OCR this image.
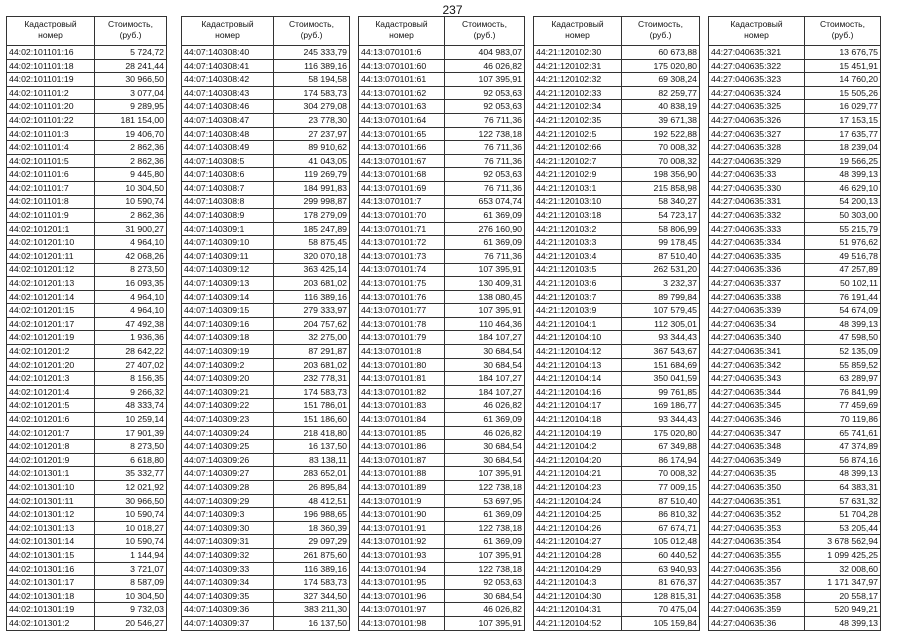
237
Кадастровый
номер	Стоимость,
(руб.)

44:02:101101:16	5 724,72
44:02:101101:18	28 241,44
44:02:101101:19	30 966,50
44:02:101101:2	3 077,04
44:02:101101:20	9 289,95
44:02:101101:22	181 154,00
44:02:101101:3	19 406,70
44:02:101101:4	2 862,36
44:02:101101:5	2 862,36
44:02:101101:6	9 445,80
44:02:101101:7	10 304,50
44:02:101101:8	10 590,74
44:02:101101:9	2 862,36
44:02:101201:1	31 900,27
44:02:101201:10	4 964,10
44:02:101201:11	42 068,26
44:02:101201:12	8 273,50
44:02:101201:13	16 093,35
44:02:101201:14	4 964,10
44:02:101201:15	4 964,10
44:02:101201:17	47 492,38
44:02:101201:19	1 936,36
44:02:101201:2	28 642,22
44:02:101201:20	27 407,02
44:02:101201:3	8 156,35
44:02:101201:4	9 266,32
44:02:101201:5	48 333,74
44:02:101201:6	10 259,14
44:02:101201:7	17 901,39
44:02:101201:8	8 273,50
44:02:101201:9	6 618,80
44:02:101301:1	35 332,77
44:02:101301:10	12 021,92
44:02:101301:11	30 966,50
44:02:101301:12	10 590,74
44:02:101301:13	10 018,27
44:02:101301:14	10 590,74
44:02:101301:15	1 144,94
44:02:101301:16	3 721,07
44:02:101301:17	8 587,09
44:02:101301:18	10 304,50
44:02:101301:19	9 732,03
44:02:101301:2	20 546,27
Кадастровый
номер	Стоимость,
(руб.)

44:07:140308:40	245 333,79
44:07:140308:41	116 389,16
44:07:140308:42	58 194,58
44:07:140308:43	174 583,73
44:07:140308:46	304 279,08
44:07:140308:47	23 778,30
44:07:140308:48	27 237,97
44:07:140308:49	89 910,62
44:07:140308:5	41 043,05
44:07:140308:6	119 269,79
44:07:140308:7	184 991,83
44:07:140308:8	299 998,87
44:07:140308:9	178 279,09
44:07:140309:1	185 247,89
44:07:140309:10	58 875,45
44:07:140309:11	320 070,18
44:07:140309:12	363 425,14
44:07:140309:13	203 681,02
44:07:140309:14	116 389,16
44:07:140309:15	279 333,97
44:07:140309:16	204 757,62
44:07:140309:18	32 275,00
44:07:140309:19	87 291,87
44:07:140309:2	203 681,02
44:07:140309:20	232 778,31
44:07:140309:21	174 583,73
44:07:140309:22	151 786,01
44:07:140309:23	151 186,60
44:07:140309:24	218 418,80
44:07:140309:25	16 137,50
44:07:140309:26	83 138,11
44:07:140309:27	283 652,01
44:07:140309:28	26 895,84
44:07:140309:29	48 412,51
44:07:140309:3	196 988,65
44:07:140309:30	18 360,39
44:07:140309:31	29 097,29
44:07:140309:32	261 875,60
44:07:140309:33	116 389,16
44:07:140309:34	174 583,73
44:07:140309:35	327 344,50
44:07:140309:36	383 211,30
44:07:140309:37	16 137,50
Кадастровый
номер	Стоимость,
(руб.)

44:13:070101:6	404 983,07
44:13:070101:60	46 026,82
44:13:070101:61	107 395,91
44:13:070101:62	92 053,63
44:13:070101:63	92 053,63
44:13:070101:64	76 711,36
44:13:070101:65	122 738,18
44:13:070101:66	76 711,36
44:13:070101:67	76 711,36
44:13:070101:68	92 053,63
44:13:070101:69	76 711,36
44:13:070101:7	653 074,74
44:13:070101:70	61 369,09
44:13:070101:71	276 160,90
44:13:070101:72	61 369,09
44:13:070101:73	76 711,36
44:13:070101:74	107 395,91
44:13:070101:75	130 409,31
44:13:070101:76	138 080,45
44:13:070101:77	107 395,91
44:13:070101:78	110 464,36
44:13:070101:79	184 107,27
44:13:070101:8	30 684,54
44:13:070101:80	30 684,54
44:13:070101:81	184 107,27
44:13:070101:82	184 107,27
44:13:070101:83	46 026,82
44:13:070101:84	61 369,09
44:13:070101:85	46 026,82
44:13:070101:86	30 684,54
44:13:070101:87	30 684,54
44:13:070101:88	107 395,91
44:13:070101:89	122 738,18
44:13:070101:9	53 697,95
44:13:070101:90	61 369,09
44:13:070101:91	122 738,18
44:13:070101:92	61 369,09
44:13:070101:93	107 395,91
44:13:070101:94	122 738,18
44:13:070101:95	92 053,63
44:13:070101:96	30 684,54
44:13:070101:97	46 026,82
44:13:070101:98	107 395,91
Кадастровый
номер	Стоимость,
(руб.)

44:21:120102:30	60 673,88
44:21:120102:31	175 020,80
44:21:120102:32	69 308,24
44:21:120102:33	82 259,77
44:21:120102:34	40 838,19
44:21:120102:35	39 671,38
44:21:120102:5	192 522,88
44:21:120102:66	70 008,32
44:21:120102:7	70 008,32
44:21:120102:9	198 356,90
44:21:120103:1	215 858,98
44:21:120103:10	58 340,27
44:21:120103:18	54 723,17
44:21:120103:2	58 806,99
44:21:120103:3	99 178,45
44:21:120103:4	87 510,40
44:21:120103:5	262 531,20
44:21:120103:6	3 232,37
44:21:120103:7	89 799,84
44:21:120103:9	107 579,45
44:21:120104:1	112 305,01
44:21:120104:10	93 344,43
44:21:120104:12	367 543,67
44:21:120104:13	151 684,69
44:21:120104:14	350 041,59
44:21:120104:16	99 761,85
44:21:120104:17	169 186,77
44:21:120104:18	93 344,43
44:21:120104:19	175 020,80
44:21:120104:2	67 349,88
44:21:120104:20	86 174,94
44:21:120104:21	70 008,32
44:21:120104:23	77 009,15
44:21:120104:24	87 510,40
44:21:120104:25	86 810,32
44:21:120104:26	67 674,71
44:21:120104:27	105 012,48
44:21:120104:28	60 440,52
44:21:120104:29	63 940,93
44:21:120104:3	81 676,37
44:21:120104:30	128 815,31
44:21:120104:31	70 475,04
44:21:120104:52	105 159,84
Кадастровый
номер	Стоимость,
(руб.)

44:27:040635:321	13 676,75
44:27:040635:322	15 451,91
44:27:040635:323	14 760,20
44:27:040635:324	15 505,26
44:27:040635:325	16 029,77
44:27:040635:326	17 153,15
44:27:040635:327	17 635,77
44:27:040635:328	18 239,04
44:27:040635:329	19 566,25
44:27:040635:33	48 399,13
44:27:040635:330	46 629,10
44:27:040635:331	54 200,13
44:27:040635:332	50 303,00
44:27:040635:333	55 215,79
44:27:040635:334	51 976,62
44:27:040635:335	49 516,78
44:27:040635:336	47 257,89
44:27:040635:337	50 102,11
44:27:040635:338	76 191,44
44:27:040635:339	54 674,09
44:27:040635:34	48 399,13
44:27:040635:340	47 598,50
44:27:040635:341	52 135,09
44:27:040635:342	55 859,52
44:27:040635:343	63 289,97
44:27:040635:344	76 841,99
44:27:040635:345	77 459,69
44:27:040635:346	70 119,86
44:27:040635:347	65 741,61
44:27:040635:348	47 374,89
44:27:040635:349	56 874,16
44:27:040635:35	48 399,13
44:27:040635:350	64 383,31
44:27:040635:351	57 631,32
44:27:040635:352	51 704,28
44:27:040635:353	53 205,44
44:27:040635:354	3 678 562,94
44:27:040635:355	1 099 425,25
44:27:040635:356	32 008,60
44:27:040635:357	1 171 347,97
44:27:040635:358	20 558,17
44:27:040635:359	520 949,21
44:27:040635:36	48 399,13
